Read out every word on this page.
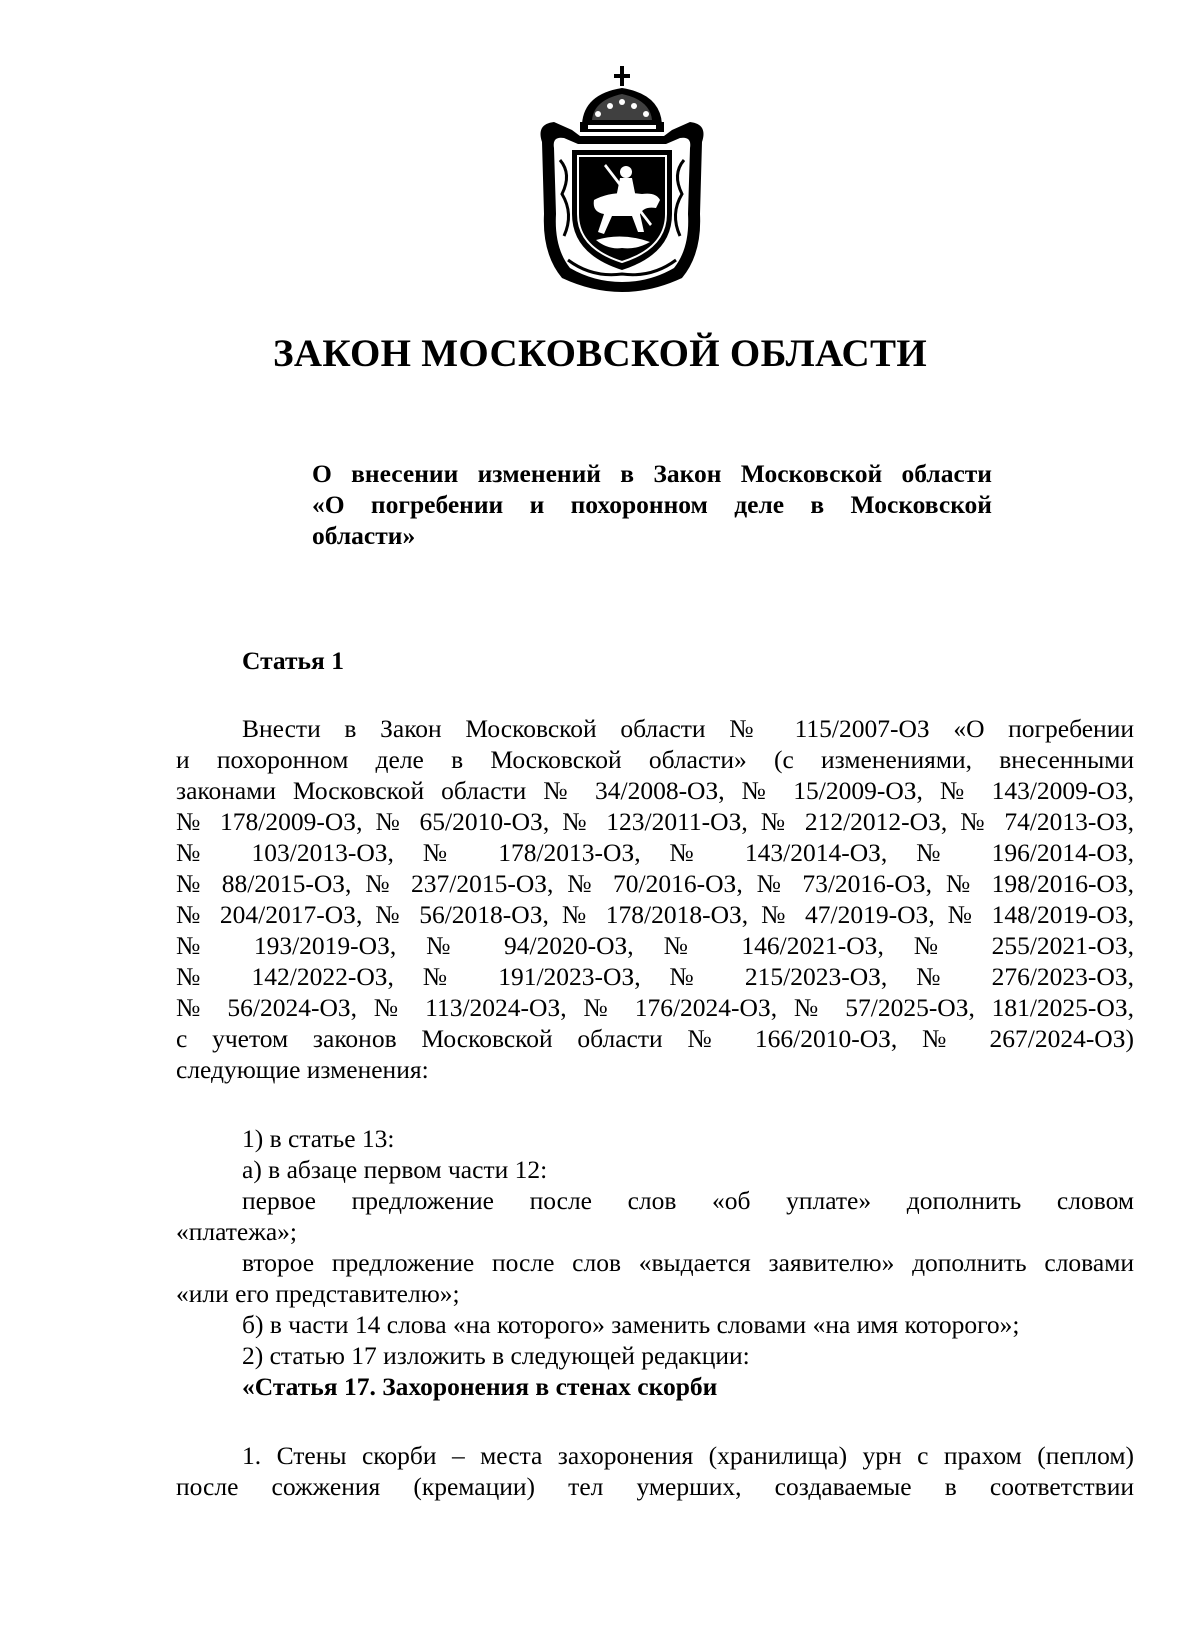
ЗАКОН МОСКОВСКОЙ ОБЛАСТИ
О внесении изменений в Закон Московской области
«О погребении и похоронном деле в Московской
области»
Статья 1
Внести в Закон Московской области № 115/2007-ОЗ «О погребении
и похоронном деле в Московской области» (с изменениями, внесенными
законами Московской области № 34/2008-ОЗ, № 15/2009-ОЗ, № 143/2009-ОЗ,
№ 178/2009-ОЗ, № 65/2010-ОЗ, № 123/2011-ОЗ, № 212/2012-ОЗ, № 74/2013-ОЗ,
№ 103/2013-ОЗ, № 178/2013-ОЗ, № 143/2014-ОЗ, № 196/2014-ОЗ,
№ 88/2015-ОЗ, № 237/2015-ОЗ, № 70/2016-ОЗ, № 73/2016-ОЗ, № 198/2016-ОЗ,
№ 204/2017-ОЗ, № 56/2018-ОЗ, № 178/2018-ОЗ, № 47/2019-ОЗ, № 148/2019-ОЗ,
№ 193/2019-ОЗ, № 94/2020-ОЗ, № 146/2021-ОЗ, № 255/2021-ОЗ,
№ 142/2022-ОЗ, № 191/2023-ОЗ, № 215/2023-ОЗ, № 276/2023-ОЗ,
№ 56/2024-ОЗ, № 113/2024-ОЗ, № 176/2024-ОЗ, № 57/2025-ОЗ, 181/2025-ОЗ,
с учетом законов Московской области № 166/2010-ОЗ, № 267/2024-ОЗ)
следующие изменения:
1) в статье 13:
а) в абзаце первом части 12:
первое предложение после слов «об уплате» дополнить словом
«платежа»;
второе предложение после слов «выдается заявителю» дополнить словами
«или его представителю»;
б) в части 14 слова «на которого» заменить словами «на имя которого»;
2) статью 17 изложить в следующей редакции:
«Статья 17. Захоронения в стенах скорби
1. Стены скорби – места захоронения (хранилища) урн с прахом (пеплом)
после сожжения (кремации) тел умерших, создаваемые в соответствии
